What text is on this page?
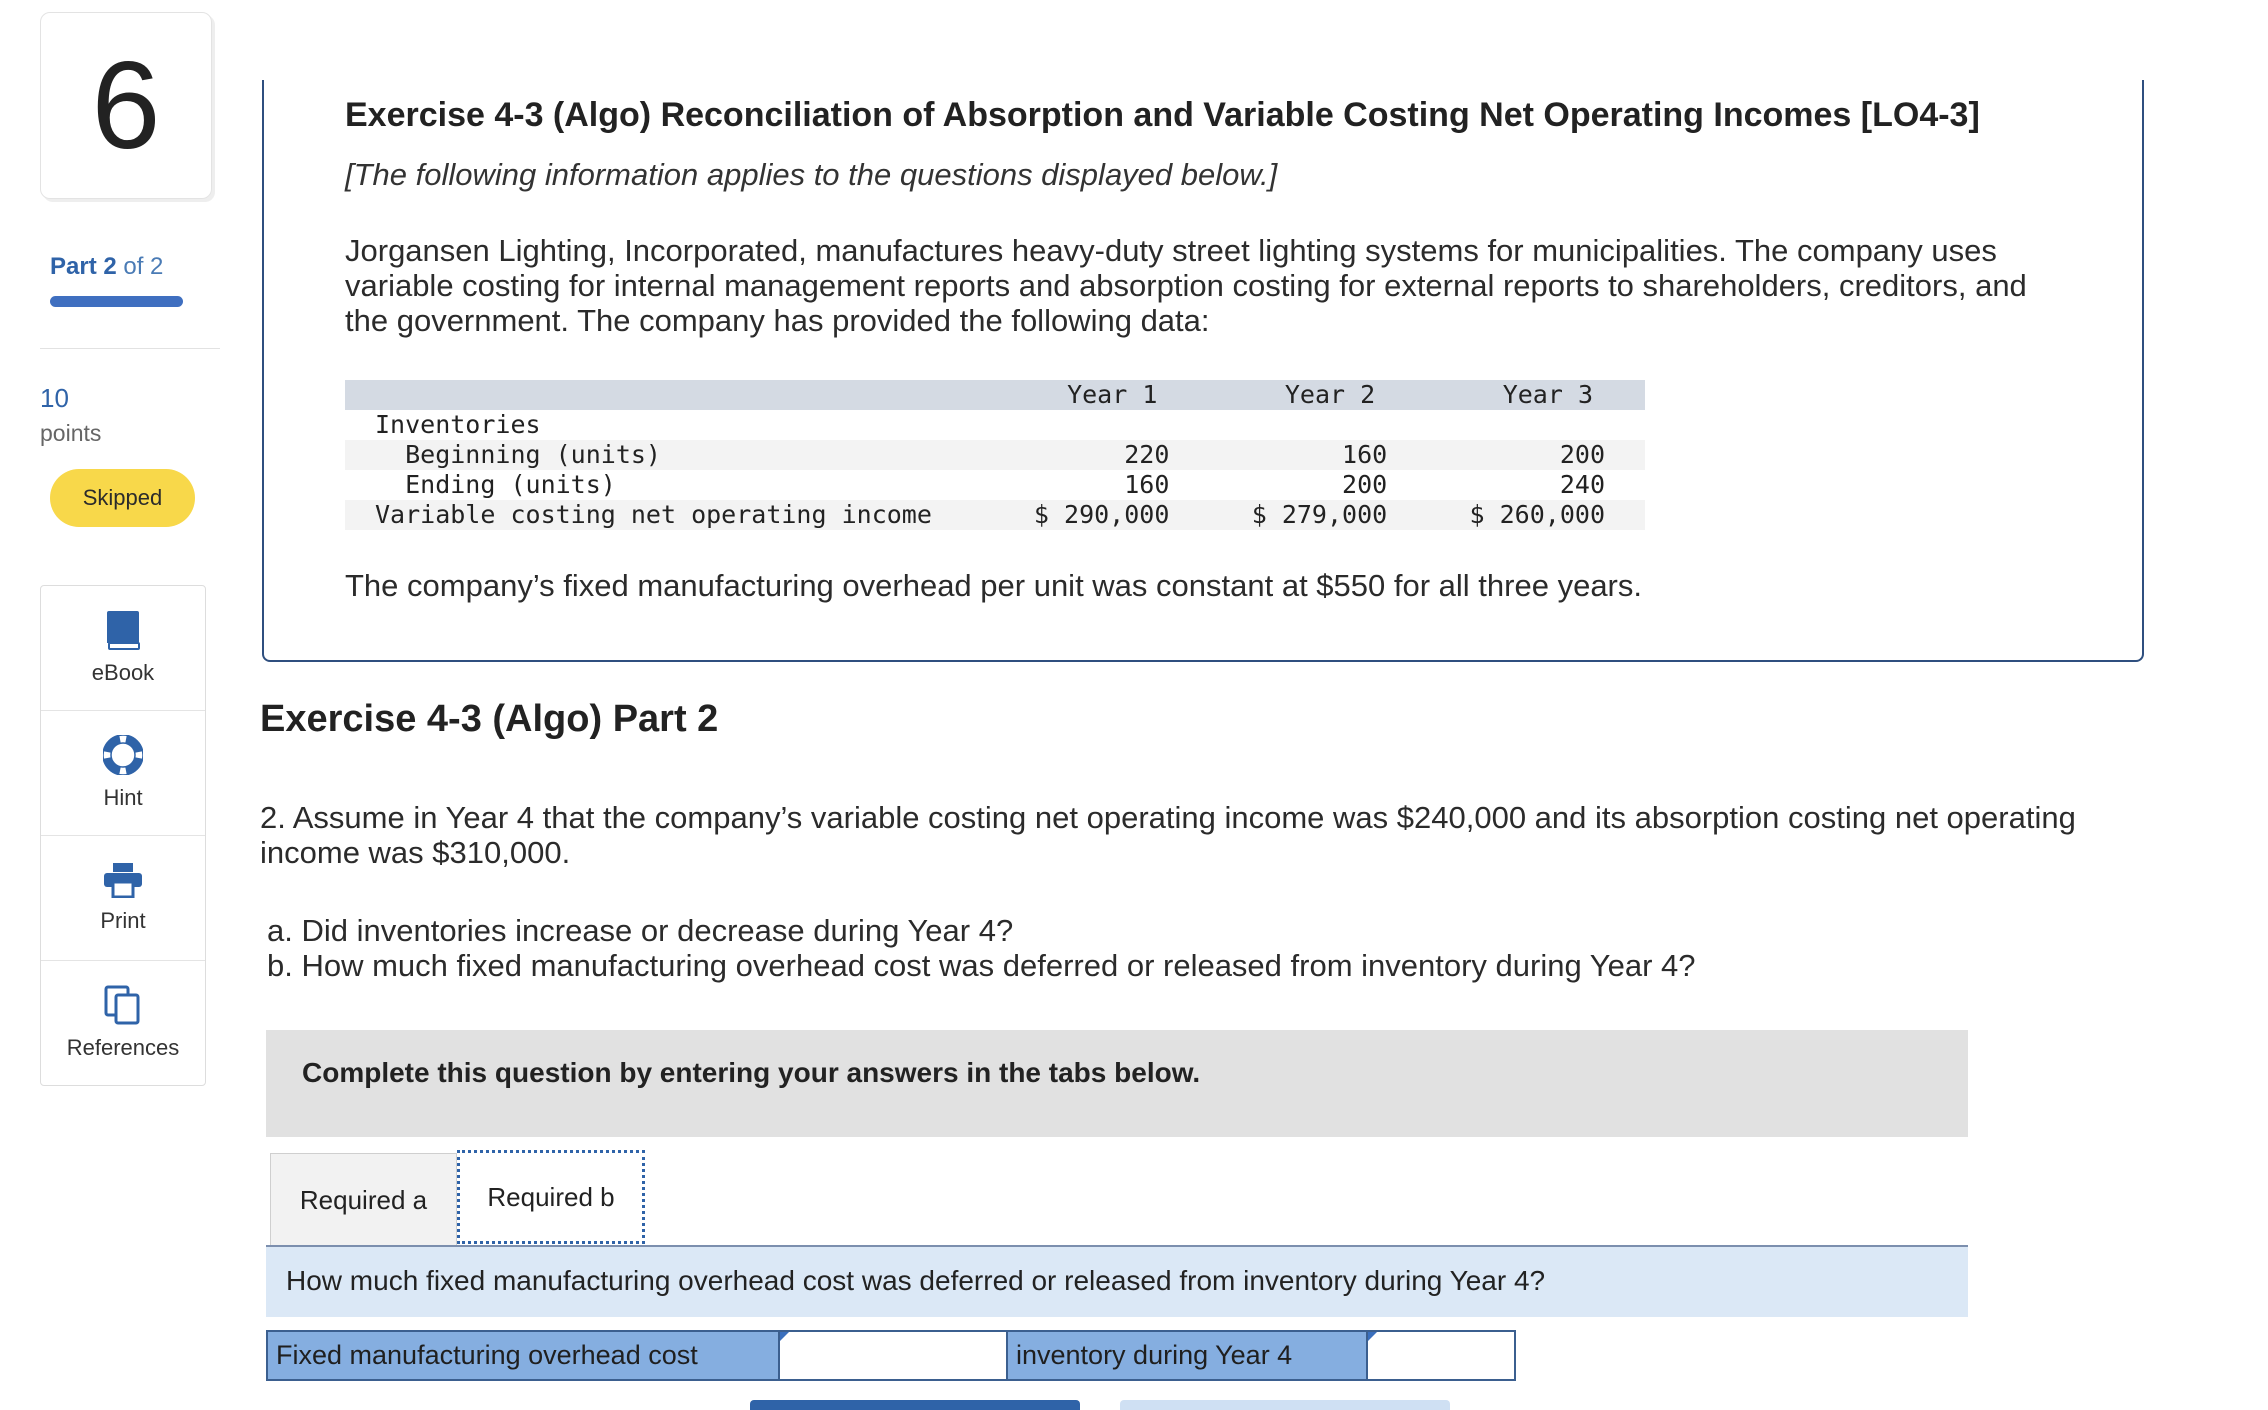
6
Part 2 of 2
10
points
Skipped
eBook
Hint
Print
References
Exercise 4-3 (Algo) Reconciliation of Absorption and Variable Costing Net Operating Incomes [LO4-3]
[The following information applies to the questions displayed below.]
Jorgansen Lighting, Incorporated, manufactures heavy-duty street lighting systems for municipalities. The company uses variable costing for internal management reports and absorption costing for external reports to shareholders, creditors, and the government. The company has provided the following data:
	Year 1	Year 2	Year 3
Inventories			
Beginning (units)	220	160	200
Ending (units)	160	200	240
Variable costing net operating income	$ 290,000	$ 279,000	$ 260,000
The company’s fixed manufacturing overhead per unit was constant at $550 for all three years.
Exercise 4-3 (Algo) Part 2
2. Assume in Year 4 that the company’s variable costing net operating income was $240,000 and its absorption costing net operating income was $310,000.
a. Did inventories increase or decrease during Year 4?
b. How much fixed manufacturing overhead cost was deferred or released from inventory during Year 4?
Complete this question by entering your answers in the tabs below.
Required a	Required b
How much fixed manufacturing overhead cost was deferred or released from inventory during Year 4?
Fixed manufacturing overhead cost	inventory during Year 4
